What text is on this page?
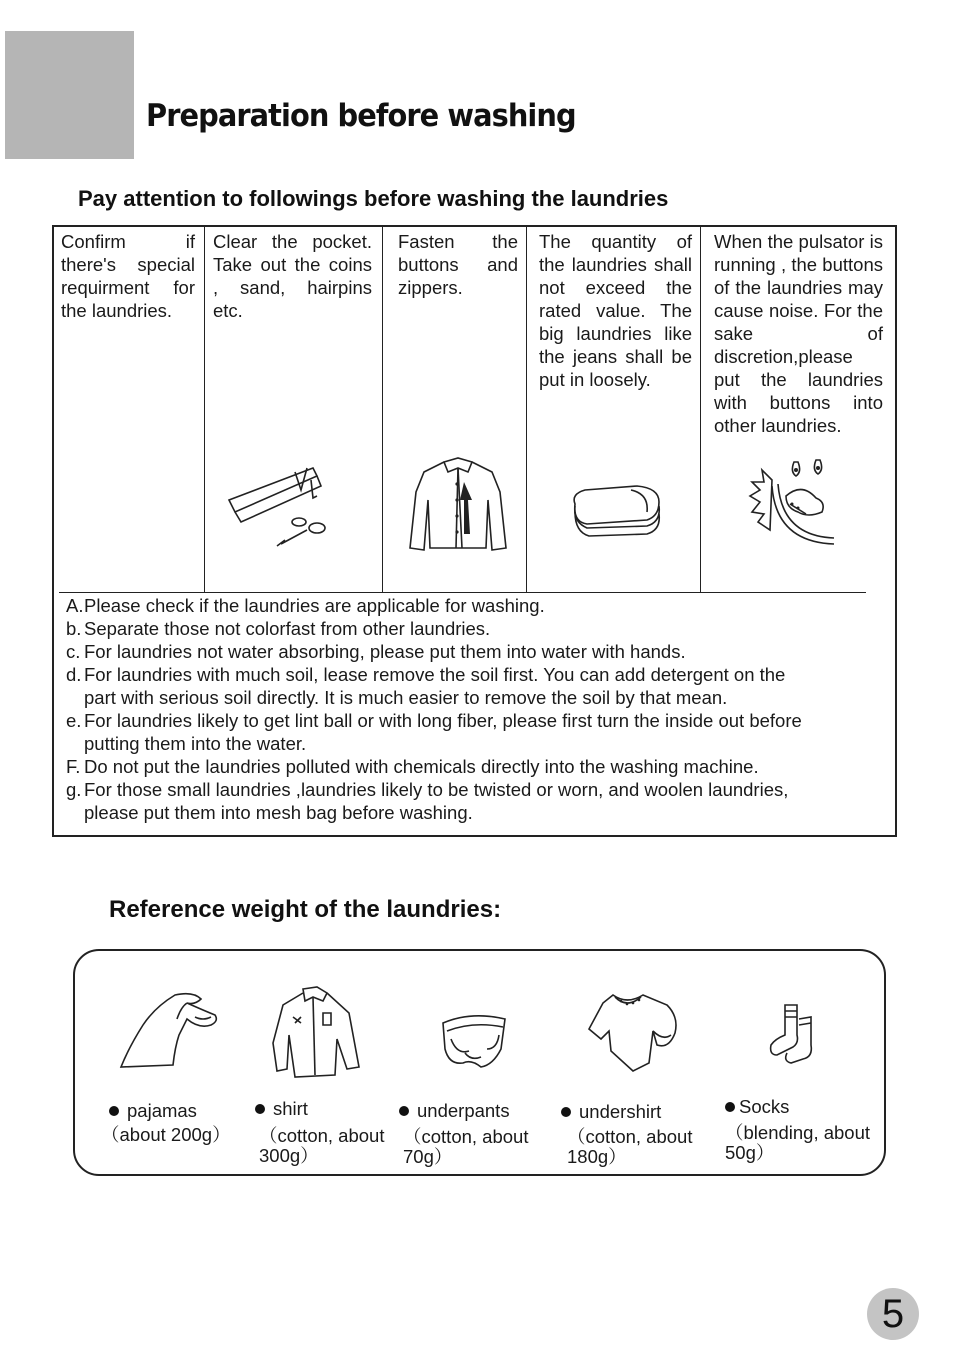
Preparation before washing
Pay attention to followings before washing the laundries
Confirm if there's special requirment for the laundries.
Clear the pocket. Take out the coins , sand, hairpins etc.
Fasten the buttons and zippers.
The quantity of the laundries shall not exceed the rated value. The big laundries like the jeans shall be put in loosely.
When the pulsator is running , the buttons of the laundries may cause noise. For the sake of discretion,please put the laundries with buttons into other laundries.
A. Please check if the laundries are applicable for washing.
b. Separate those not colorfast from other laundries.
c. For laundries not water absorbing, please put them into water with hands.
d. For laundries with much soil, lease remove the soil first. You can add detergent on the
part with serious soil directly. It is much easier to remove the soil by that mean.
e. For laundries likely to get lint ball or with long fiber, please first turn the inside out before
putting them into the water.
F. Do not put the laundries polluted with chemicals directly into the washing machine.
g. For those small laundries ,laundries likely to be twisted or worn, and woolen laundries,
please put them into mesh bag before washing.
Reference weight of the laundries:
pajamas
（about 200g）
shirt
（cotton, about
300g）
underpants
（cotton, about
70g）
undershirt
（cotton, about
180g）
Socks
（blending, about
50g）
5
